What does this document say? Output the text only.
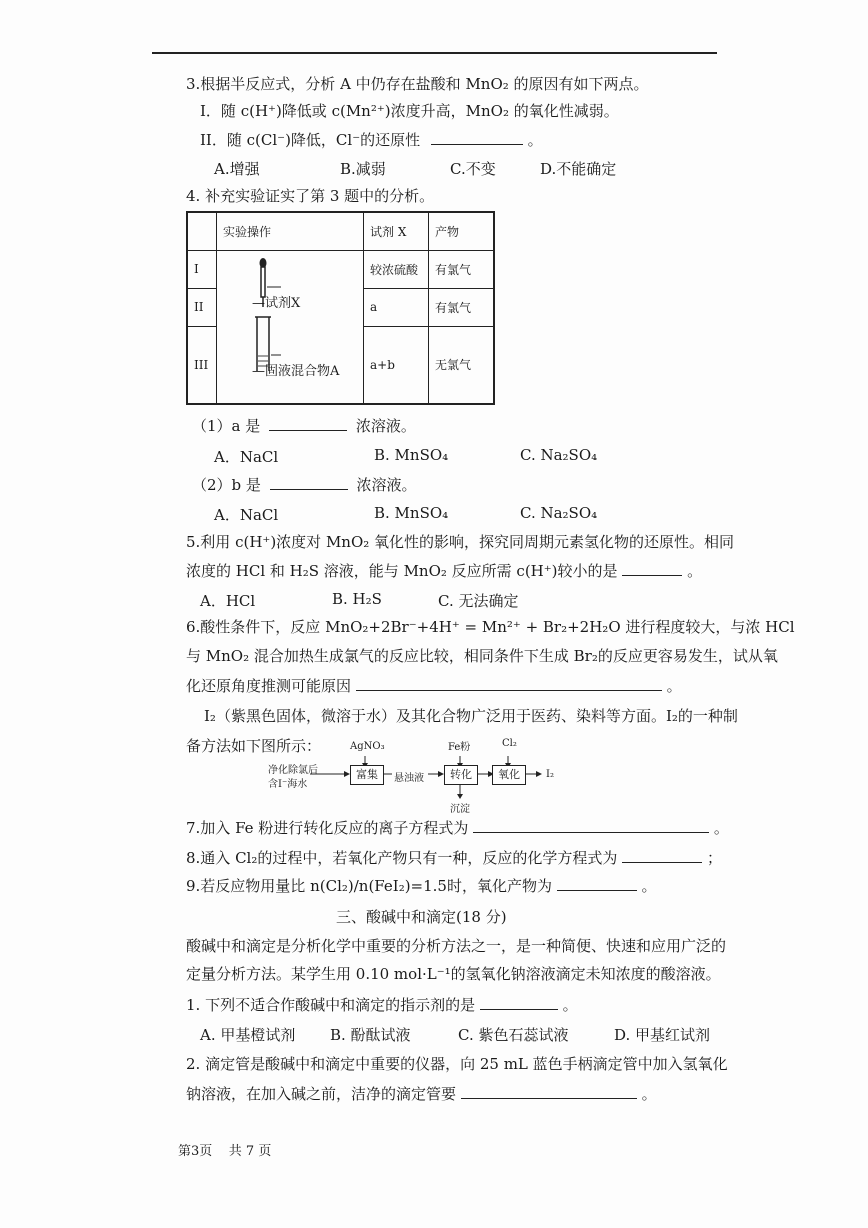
3.根据半反应式，分析 A 中仍存在盐酸和 MnO₂ 的原因有如下两点。
I．随 c(H⁺)降低或 c(Mn²⁺)浓度升高，MnO₂ 的氧化性减弱。
II．随 c(Cl⁻)降低，Cl⁻的还原性	。
A.增强	B.减弱	C.不变	D.不能确定
4. 补充实验证实了第 3 题中的分析。
	实验操作	试剂 X	产物
I		较浓硫酸	有氯气
II		a	有氯气
III		a+b	无氯气
—试剂X
—固液混合物A
（1）a 是	浓溶液。
A．NaCl	B. MnSO₄	C. Na₂SO₄
（2）b 是	浓溶液。
A．NaCl	B. MnSO₄	C. Na₂SO₄
5.利用 c(H⁺)浓度对 MnO₂ 氧化性的影响，探究同周期元素氢化物的还原性。相同
浓度的 HCl 和 H₂S 溶液，能与 MnO₂ 反应所需 c(H⁺)较小的是	。
A．HCl	B. H₂S	C. 无法确定
6.酸性条件下，反应 MnO₂+2Br⁻+4H⁺ = Mn²⁺ + Br₂+2H₂O 进行程度较大，与浓 HCl
与 MnO₂ 混合加热生成氯气的反应比较，相同条件下生成 Br₂的反应更容易发生，试从氧
化还原角度推测可能原因	。
I₂（紫黑色固体，微溶于水）及其化合物广泛用于医药、染料等方面。I₂的一种制
备方法如下图所示：
净化除氯后
含I⁻海水
AgNO₃
富集	悬浊液
Fe粉
转化
沉淀
Cl₂
氧化	I₂
7.加入 Fe 粉进行转化反应的离子方程式为	。
8.通入 Cl₂的过程中，若氧化产物只有一种，反应的化学方程式为	；
9.若反应物用量比 n(Cl₂)/n(FeI₂)=1.5时，氧化产物为	。
三、酸碱中和滴定(18 分)
酸碱中和滴定是分析化学中重要的分析方法之一，是一种简便、快速和应用广泛的
定量分析方法。某学生用 0.10 mol·L⁻¹的氢氧化钠溶液滴定未知浓度的酸溶液。
1. 下列不适合作酸碱中和滴定的指示剂的是	。
A. 甲基橙试剂 B. 酚酞试液	C. 紫色石蕊试液	D. 甲基红试剂
2. 滴定管是酸碱中和滴定中重要的仪器，向 25 mL 蓝色手柄滴定管中加入氢氧化
钠溶液，在加入碱之前，洁净的滴定管要	。
第3页    共 7 页
